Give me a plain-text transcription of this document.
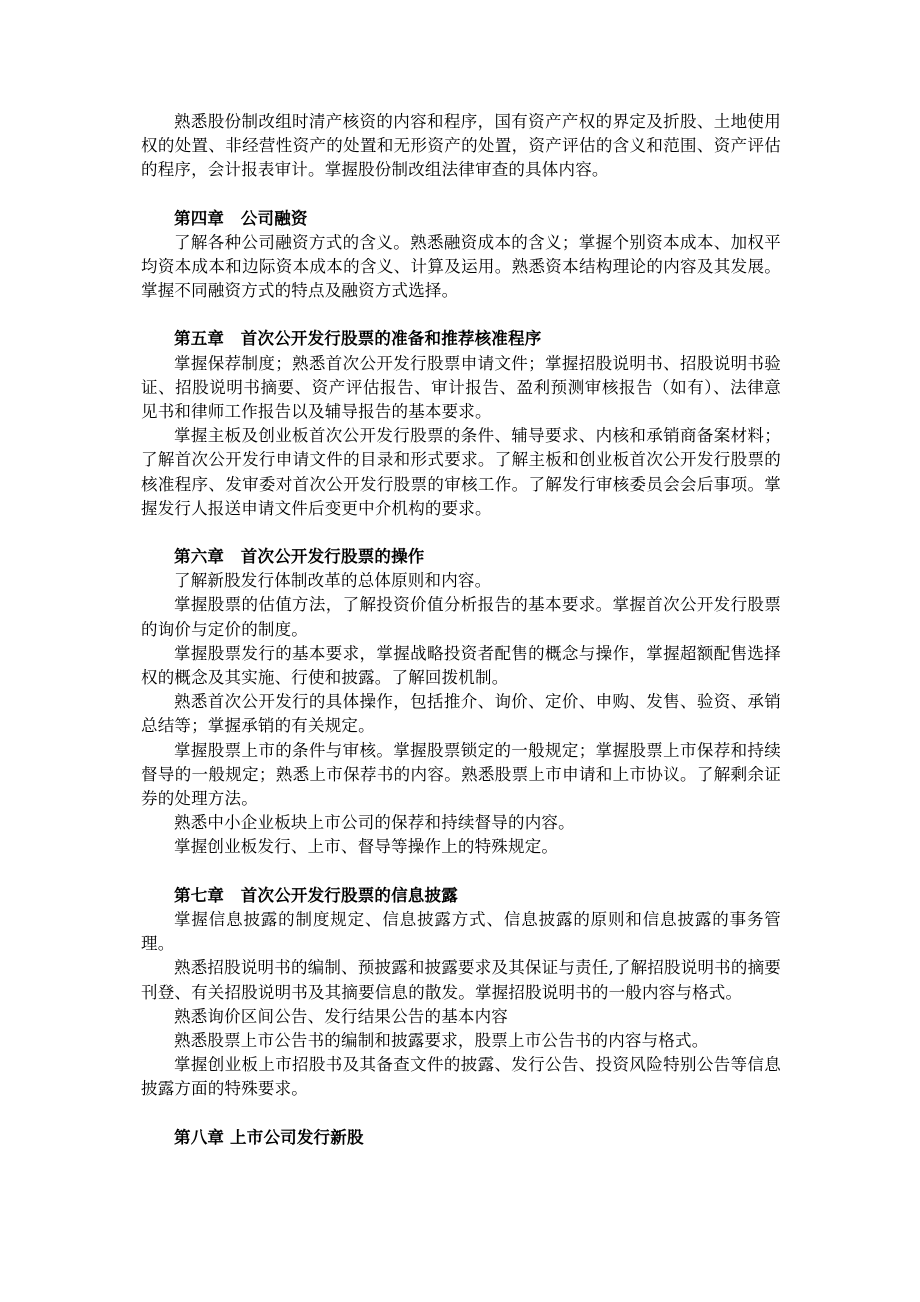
熟悉股份制改组时清产核资的内容和程序，国有资产产权的界定及折股、土地使用权的处置、非经营性资产的处置和无形资产的处置，资产评估的含义和范围、资产评估的程序，会计报表审计。掌握股份制改组法律审查的具体内容。

第四章　公司融资

了解各种公司融资方式的含义。熟悉融资成本的含义；掌握个别资本成本、加权平均资本成本和边际资本成本的含义、计算及运用。熟悉资本结构理论的内容及其发展。掌握不同融资方式的特点及融资方式选择。

第五章　首次公开发行股票的准备和推荐核准程序

掌握保荐制度；熟悉首次公开发行股票申请文件；掌握招股说明书、招股说明书验证、招股说明书摘要、资产评估报告、审计报告、盈利预测审核报告（如有）、法律意见书和律师工作报告以及辅导报告的基本要求。

掌握主板及创业板首次公开发行股票的条件、辅导要求、内核和承销商备案材料；了解首次公开发行申请文件的目录和形式要求。了解主板和创业板首次公开发行股票的核准程序、发审委对首次公开发行股票的审核工作。了解发行审核委员会会后事项。掌握发行人报送申请文件后变更中介机构的要求。

第六章　首次公开发行股票的操作

了解新股发行体制改革的总体原则和内容。

掌握股票的估值方法，了解投资价值分析报告的基本要求。掌握首次公开发行股票的询价与定价的制度。

掌握股票发行的基本要求，掌握战略投资者配售的概念与操作，掌握超额配售选择权的概念及其实施、行使和披露。了解回拨机制。

熟悉首次公开发行的具体操作，包括推介、询价、定价、申购、发售、验资、承销总结等；掌握承销的有关规定。

掌握股票上市的条件与审核。掌握股票锁定的一般规定；掌握股票上市保荐和持续督导的一般规定；熟悉上市保荐书的内容。熟悉股票上市申请和上市协议。了解剩余证券的处理方法。

熟悉中小企业板块上市公司的保荐和持续督导的内容。

掌握创业板发行、上市、督导等操作上的特殊规定。

第七章　首次公开发行股票的信息披露

掌握信息披露的制度规定、信息披露方式、信息披露的原则和信息披露的事务管理。

熟悉招股说明书的编制、预披露和披露要求及其保证与责任,了解招股说明书的摘要刊登、有关招股说明书及其摘要信息的散发。掌握招股说明书的一般内容与格式。

熟悉询价区间公告、发行结果公告的基本内容

熟悉股票上市公告书的编制和披露要求，股票上市公告书的内容与格式。

掌握创业板上市招股书及其备查文件的披露、发行公告、投资风险特别公告等信息披露方面的特殊要求。

第八章 上市公司发行新股
